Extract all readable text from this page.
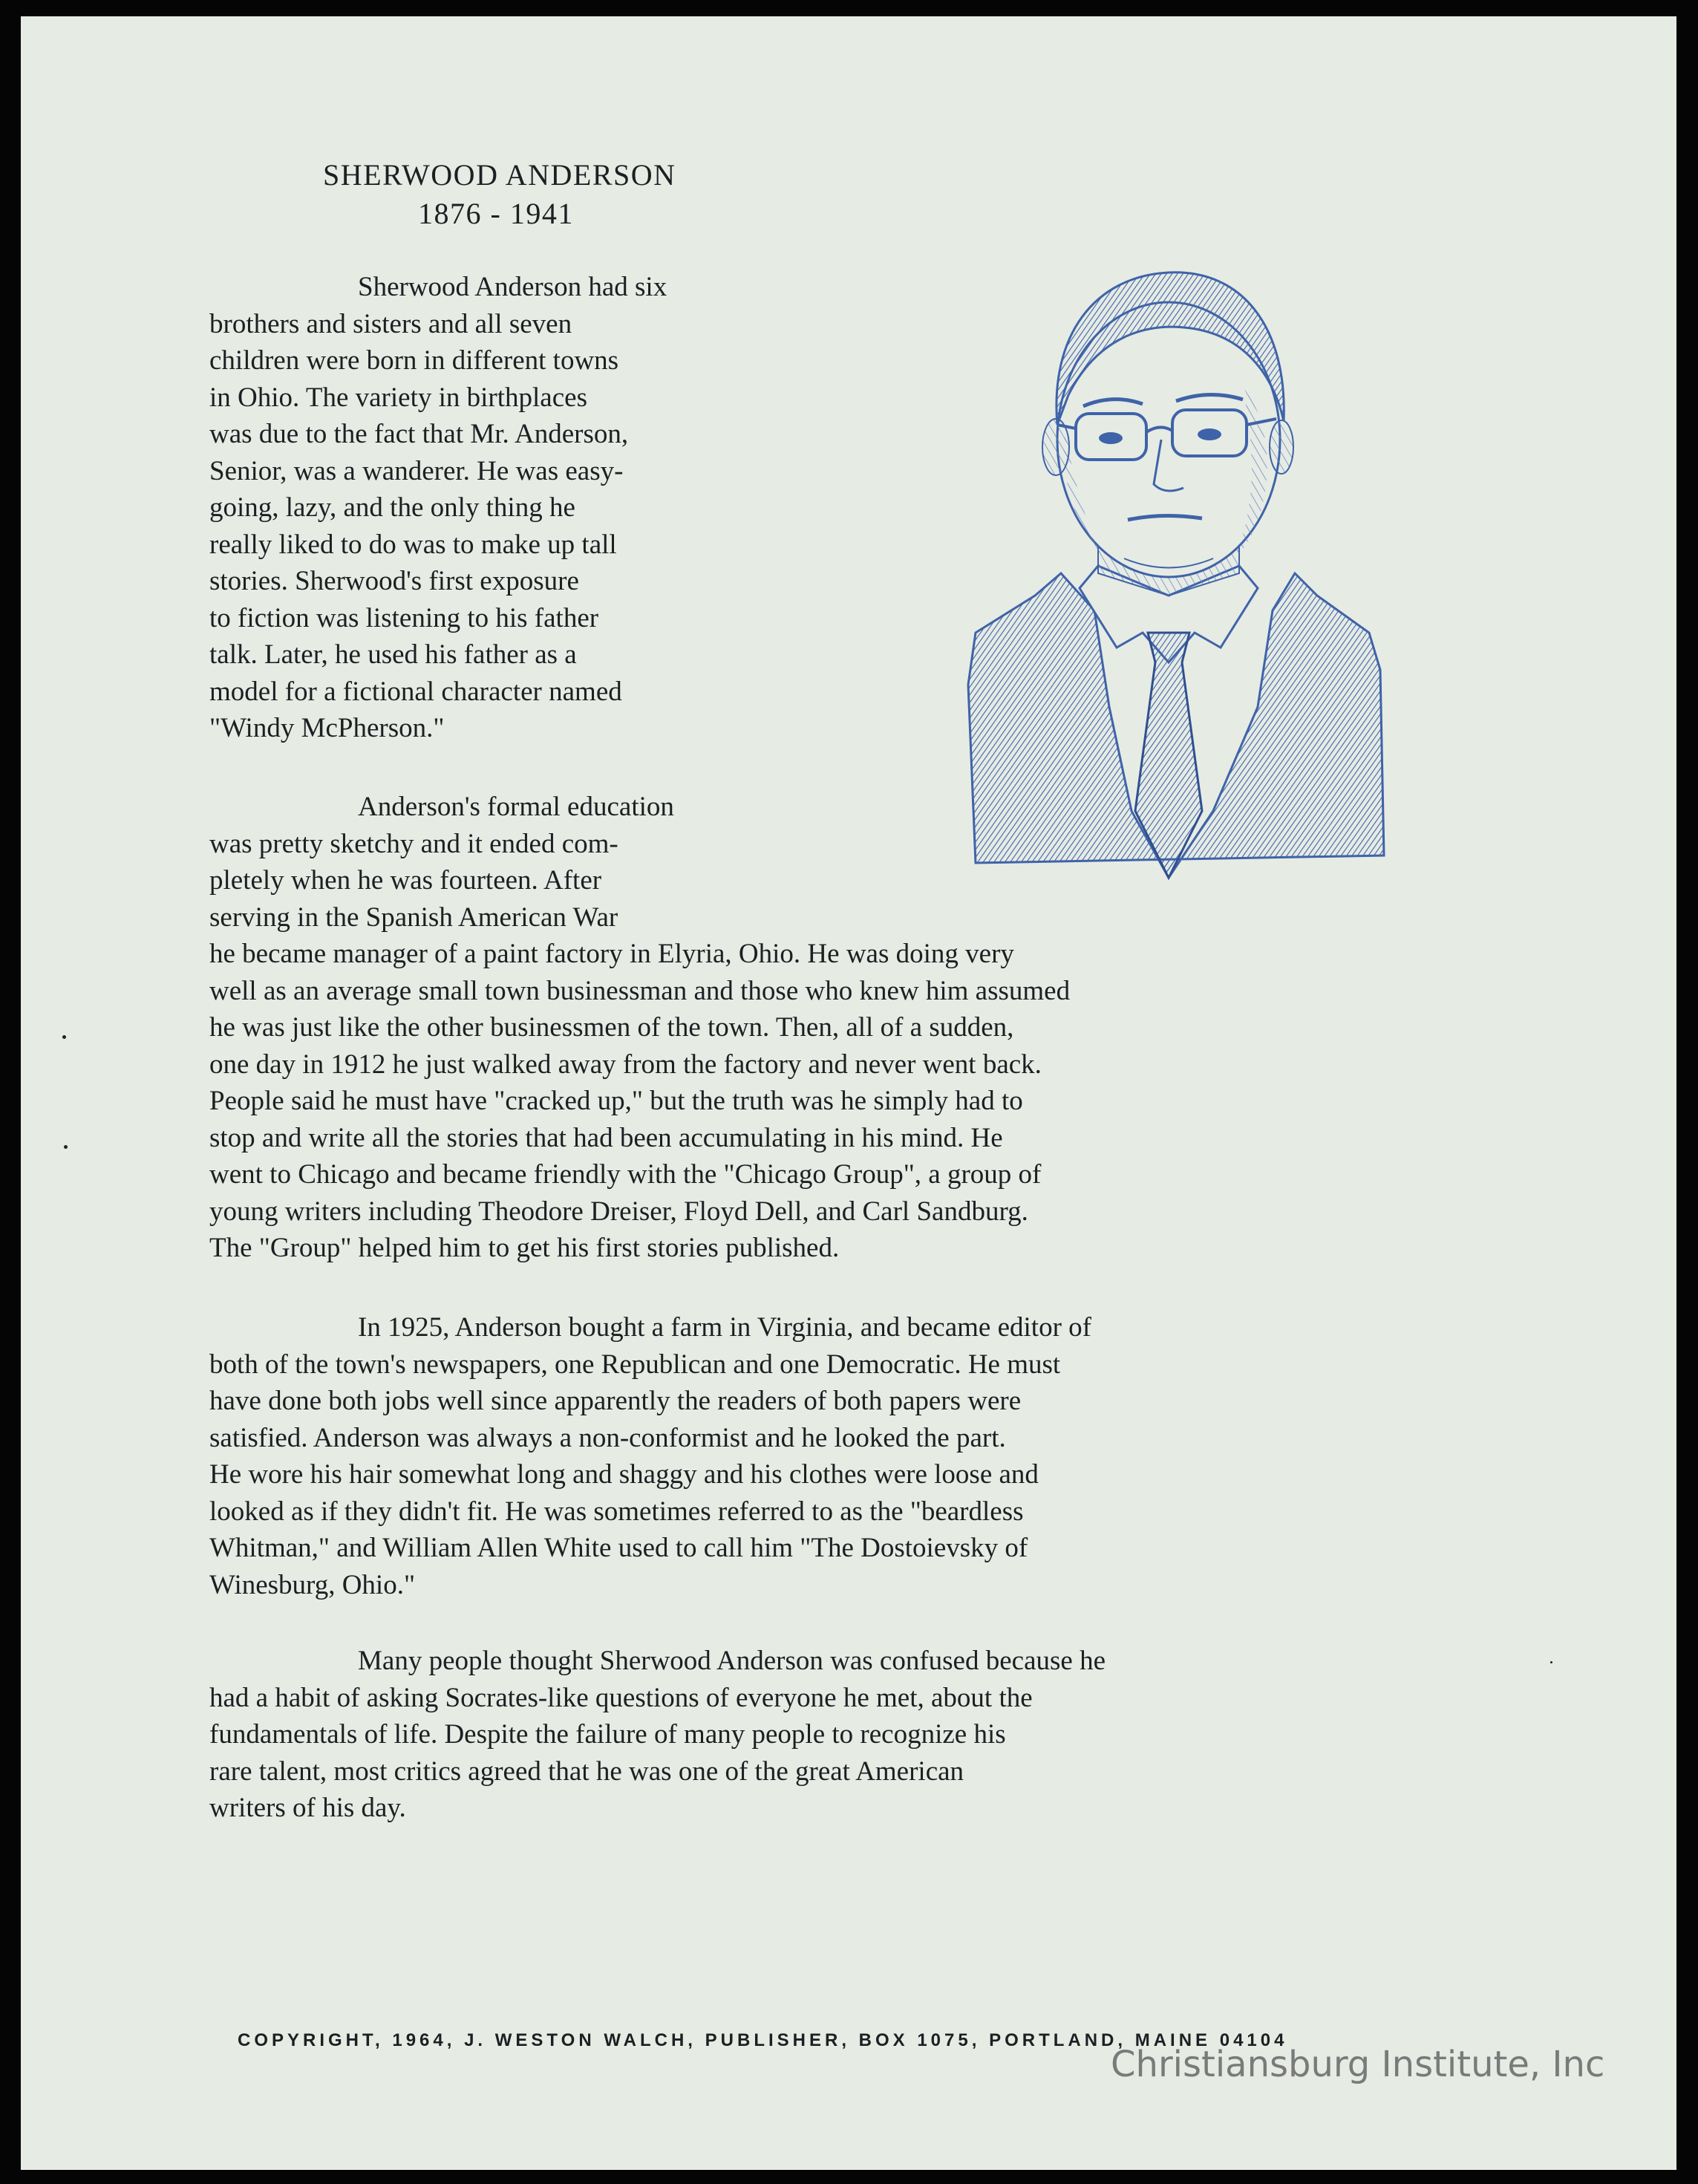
SHERWOOD ANDERSON
1876 - 1941
Sherwood Anderson had six
brothers and sisters and all seven
children were born in different towns
in Ohio. The variety in birthplaces
was due to the fact that Mr. Anderson,
Senior, was a wanderer. He was easy-
going, lazy, and the only thing he
really liked to do was to make up tall
stories. Sherwood's first exposure
to fiction was listening to his father
talk. Later, he used his father as a
model for a fictional character named
"Windy McPherson."
Anderson's formal education
was pretty sketchy and it ended com-
pletely when he was fourteen. After
serving in the Spanish American War
he became manager of a paint factory in Elyria, Ohio. He was doing very
well as an average small town businessman and those who knew him assumed
he was just like the other businessmen of the town. Then, all of a sudden,
one day in 1912 he just walked away from the factory and never went back.
People said he must have "cracked up," but the truth was he simply had to
stop and write all the stories that had been accumulating in his mind. He
went to Chicago and became friendly with the "Chicago Group", a group of
young writers including Theodore Dreiser, Floyd Dell, and Carl Sandburg.
The "Group" helped him to get his first stories published.
In 1925, Anderson bought a farm in Virginia, and became editor of
both of the town's newspapers, one Republican and one Democratic. He must
have done both jobs well since apparently the readers of both papers were
satisfied. Anderson was always a non-conformist and he looked the part.
He wore his hair somewhat long and shaggy and his clothes were loose and
looked as if they didn't fit. He was sometimes referred to as the "beardless
Whitman," and William Allen White used to call him "The Dostoievsky of
Winesburg, Ohio."
Many people thought Sherwood Anderson was confused because he
had a habit of asking Socrates-like questions of everyone he met, about the
fundamentals of life. Despite the failure of many people to recognize his
rare talent, most critics agreed that he was one of the great American
writers of his day.
COPYRIGHT, 1964, J. WESTON WALCH, PUBLISHER, BOX 1075, PORTLAND, MAINE 04104
Christiansburg Institute, Inc
